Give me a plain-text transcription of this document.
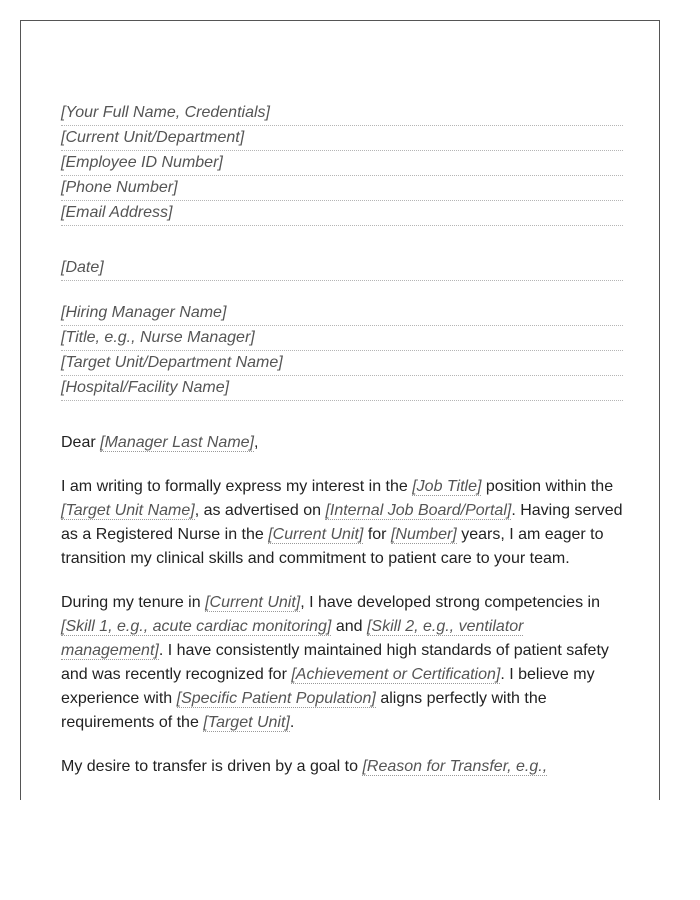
[Your Full Name, Credentials]
[Current Unit/Department]
[Employee ID Number]
[Phone Number]
[Email Address]
[Date]
[Hiring Manager Name]
[Title, e.g., Nurse Manager]
[Target Unit/Department Name]
[Hospital/Facility Name]
Dear [Manager Last Name],

I am writing to formally express my interest in the [Job Title] position within the [Target Unit Name], as advertised on [Internal Job Board/Portal]. Having served as a Registered Nurse in the [Current Unit] for [Number] years, I am eager to transition my clinical skills and commitment to patient care to your team.

During my tenure in [Current Unit], I have developed strong competencies in [Skill 1, e.g., acute cardiac monitoring] and [Skill 2, e.g., ventilator management]. I have consistently maintained high standards of patient safety and was recently recognized for [Achievement or Certification]. I believe my experience with [Specific Patient Population] aligns perfectly with the requirements of the [Target Unit].

My desire to transfer is driven by a goal to [Reason for Transfer, e.g.,
